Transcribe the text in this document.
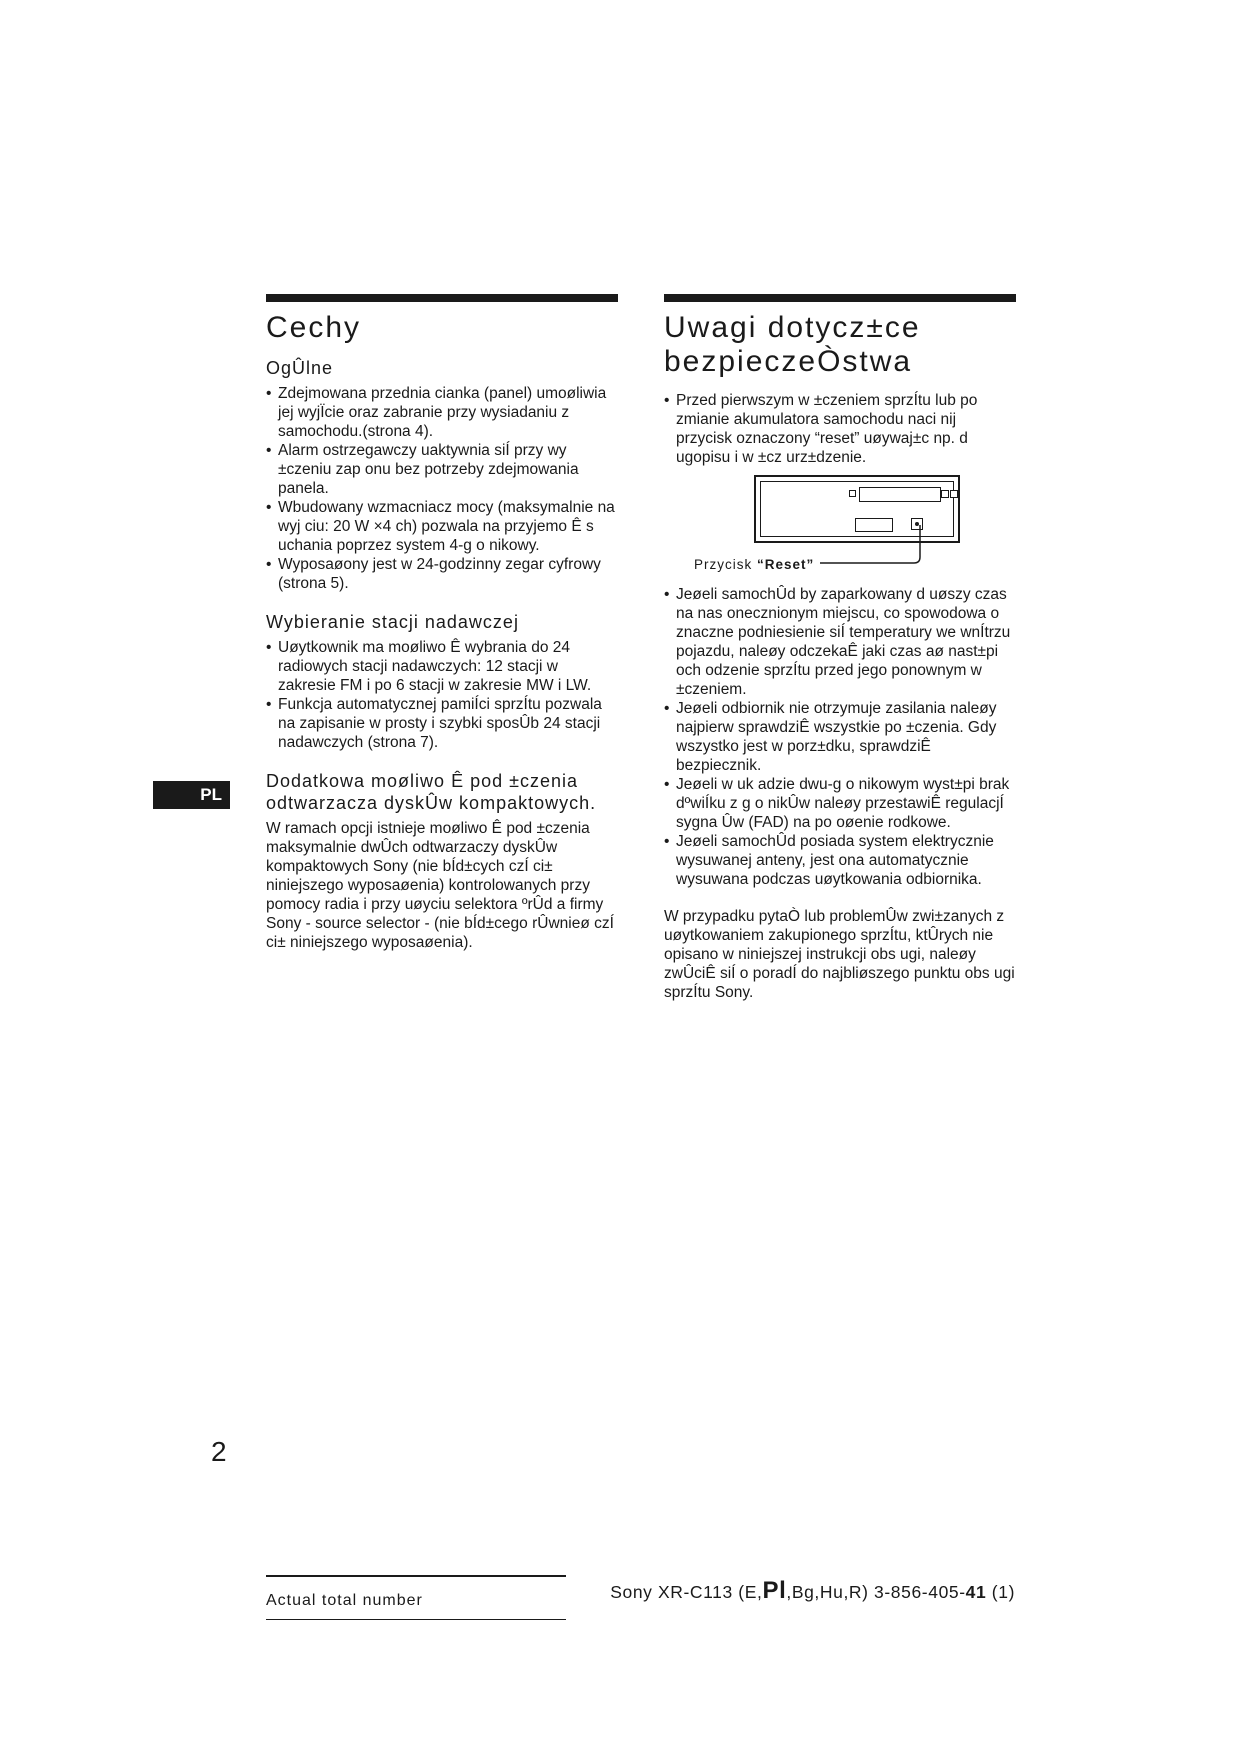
Cechy
OgÛlne
• Zdejmowana przednia cianka (panel) umoøliwia jej wyjÏcie oraz zabranie przy wysiadaniu z samochodu.(strona 4).
• Alarm ostrzegawczy uaktywnia siÍ przy wy ±czeniu zap onu bez potrzeby zdejmowania panela.
• Wbudowany wzmacniacz mocy (maksymalnie na wyj ciu: 20 W ×4 ch) pozwala na przyjemo Ê s uchania poprzez system 4-g o nikowy.
• Wyposaøony jest w 24-godzinny zegar cyfrowy (strona 5).
Wybieranie stacji nadawczej
• Uøytkownik ma moøliwo Ê wybrania do 24 radiowych stacji nadawczych: 12 stacji w zakresie FM i po 6 stacji w zakresie MW i LW.
• Funkcja automatycznej pamiÍci sprzÍtu pozwala na zapisanie w prosty i szybki sposÛb 24 stacji nadawczych (strona 7).
Dodatkowa moøliwo Ê pod ±czenia odtwarzacza dyskÛw kompaktowych.

W ramach opcji istnieje moøliwo Ê pod ±czenia maksymalnie dwÛch odtwarzaczy dyskÛw kompaktowych Sony (nie bÍd±cych czÍ ci± niniejszego wyposaøenia) kontrolowanych przy pomocy radia i przy uøyciu selektora ºrÛd a firmy Sony - source selector - (nie bÍd±cego rÛwnieø czÍ ci± niniejszego wyposaøenia).

Uwagi dotycz±ce
bezpieczeÒstwa
• Przed pierwszym w ±czeniem sprzÍtu lub po zmianie akumulatora samochodu naci nij przycisk oznaczony “reset” uøywaj±c np. d ugopisu i w ±cz urz±dzenie.
Przycisk “Reset”
• Jeøeli samochÛd by zaparkowany d uøszy czas na nas onecznionym miejscu, co spowodowa o znaczne podniesienie siÍ temperatury we wnÍtrzu pojazdu, naleøy odczekaÊ jaki czas aø nast±pi och odzenie sprzÍtu przed jego ponownym w ±czeniem.
• Jeøeli odbiornik nie otrzymuje zasilania naleøy najpierw sprawdziÊ wszystkie po ±czenia. Gdy wszystko jest w porz±dku, sprawdziÊ bezpiecznik.
• Jeøeli w uk adzie dwu-g o nikowym wyst±pi brak dºwiÍku z g o nikÛw naleøy przestawiÊ regulacjÍ sygna Ûw (FAD) na po oøenie rodkowe.
• Jeøeli samochÛd posiada system elektrycznie wysuwanej anteny, jest ona automatycznie wysuwana podczas uøytkowania odbiornika.

W przypadku pytaÒ lub problemÛw zwi±zanych z uøytkowaniem zakupionego sprzÍtu, ktÛrych nie opisano w niniejszej instrukcji obs ugi, naleøy zwÛciÊ siÍ o poradÍ do najbliøszego punktu obs ugi sprzÍtu Sony.

PL
2
Actual total number	Sony XR-C113 (E,Pl,Bg,Hu,R) 3-856-405-41 (1)
